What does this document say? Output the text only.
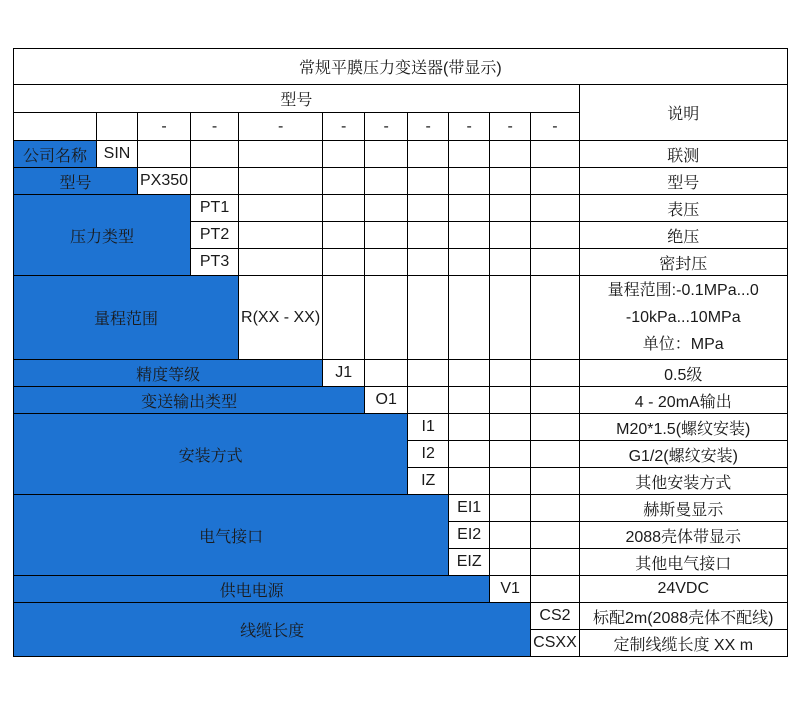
常规平膜压力变送器(带显示)											
型号											说明
		-	-	-	-	-	-	-	-	-	
公司名称	SIN										联测
型号		PX350									型号
压力类型			PT1								表压
			PT2								绝压
			PT3								密封压
量程范围				R(XX - XX)							量程范围:-0.1MPa...0
-10kPa...10MPa
单位：MPa

精度等级					J1						0.5级
变送输出类型						O1					4 - 20mA输出
安装方式							I1				M20*1.5(螺纹安装)
							I2				G1/2(螺纹安装)
							IZ				其他安装方式
电气接口								EI1			赫斯曼显示
								EI2			2088壳体带显示
								EIZ			其他电气接口
供电电源									V1		24VDC
线缆长度										CS2	标配2m(2088壳体不配线)
										CSXX	定制线缆长度 XX m
